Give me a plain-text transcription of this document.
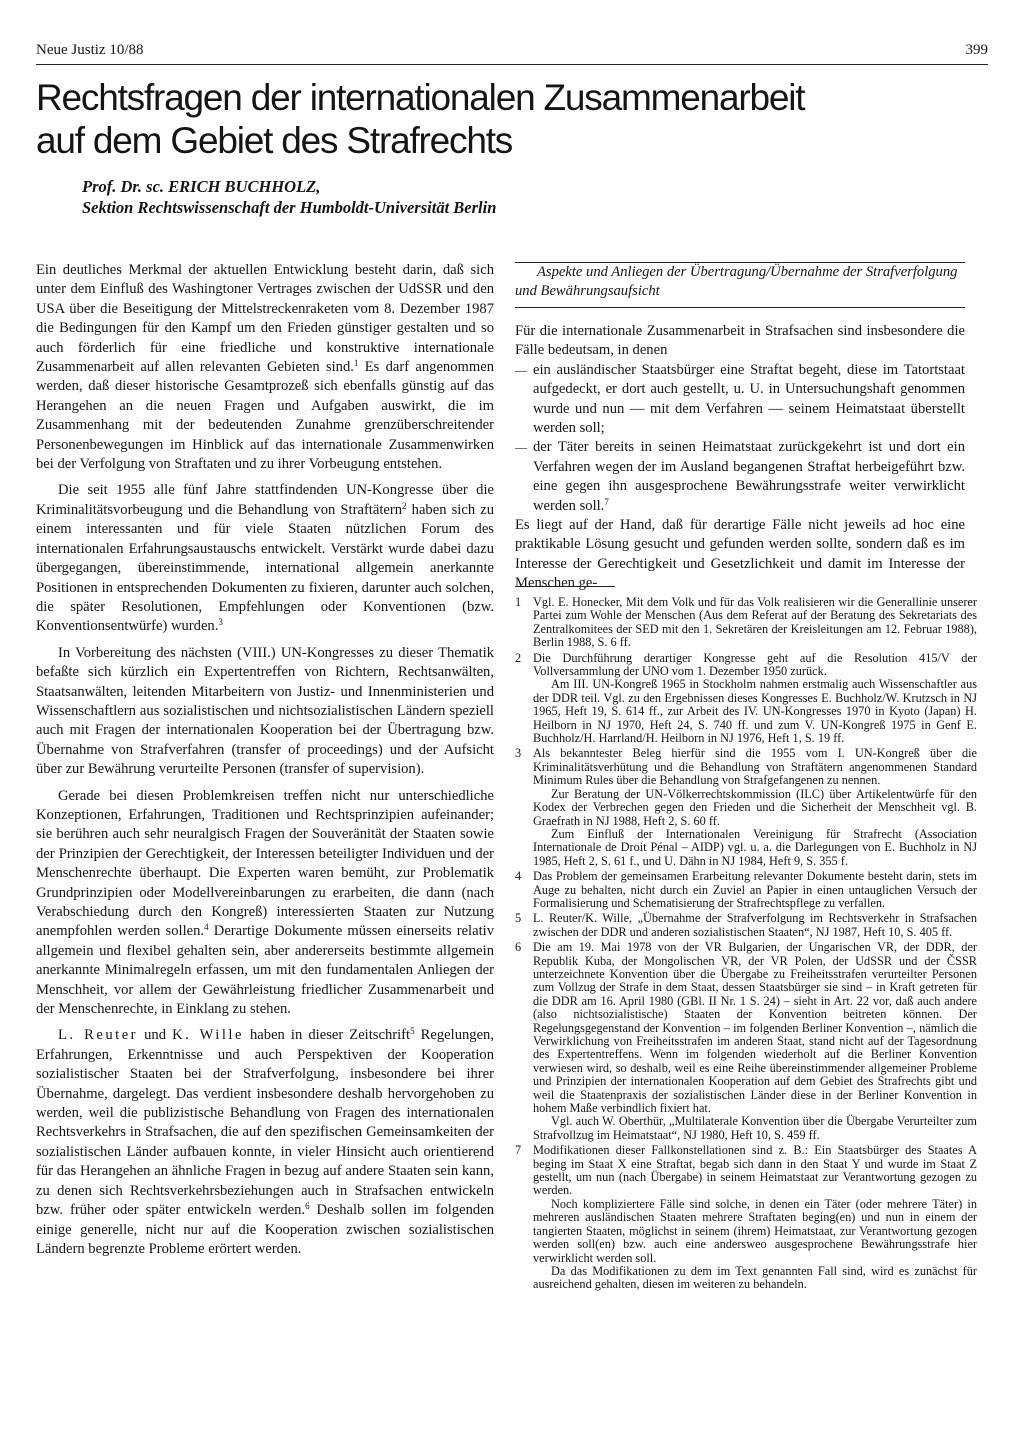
Neue Justiz 10/88	399
Rechtsfragen der internationalen Zusammenarbeit
auf dem Gebiet des Strafrechts
Prof. Dr. sc. ERICH BUCHHOLZ,
Sektion Rechtswissenschaft der Humboldt-Universität Berlin

Ein deutliches Merkmal der aktuellen Entwicklung besteht darin, daß sich unter dem Einfluß des Washingtoner Vertrages zwischen der UdSSR und den USA über die Beseitigung der Mittelstreckenraketen vom 8. Dezember 1987 die Bedingungen für den Kampf um den Frieden günstiger gestalten und so auch förderlich für eine friedliche und konstruktive internationale Zusammenarbeit auf allen relevanten Gebieten sind.$^1$ Es darf angenommen werden, daß dieser historische Gesamtprozeß sich ebenfalls günstig auf das Herangehen an die neuen Fragen und Aufgaben auswirkt, die im Zusammenhang mit der bedeutenden Zunahme grenzüberschreitender Personenbewegungen im Hinblick auf das internationale Zusammenwirken bei der Verfolgung von Straftaten und zu ihrer Vorbeugung entstehen.

Die seit 1955 alle fünf Jahre stattfindenden UN-Kongresse über die Kriminalitätsvorbeugung und die Behandlung von Straftätern$^2$ haben sich zu einem interessanten und für viele Staaten nützlichen Forum des internationalen Erfahrungsaustauschs entwickelt. Verstärkt wurde dabei dazu übergegangen, übereinstimmende, international allgemein anerkannte Positionen in entsprechenden Dokumenten zu fixieren, darunter auch solchen, die später Resolutionen, Empfehlungen oder Konventionen (bzw. Konventionsentwürfe) wurden.$^3$

In Vorbereitung des nächsten (VIII.) UN-Kongresses zu dieser Thematik befaßte sich kürzlich ein Expertentreffen von Richtern, Rechtsanwälten, Staatsanwälten, leitenden Mitarbeitern von Justiz- und Innenministerien und Wissenschaftlern aus sozialistischen und nichtsozialistischen Ländern speziell auch mit Fragen der internationalen Kooperation bei der Übertragung bzw. Übernahme von Strafverfahren (transfer of proceedings) und der Aufsicht über zur Bewährung verurteilte Personen (transfer of supervision).

Gerade bei diesen Problemkreisen treffen nicht nur unterschiedliche Konzeptionen, Erfahrungen, Traditionen und Rechtsprinzipien aufeinander; sie berühren auch sehr neuralgisch Fragen der Souveränität der Staaten sowie der Prinzipien der Gerechtigkeit, der Interessen beteiligter Individuen und der Menschenrechte überhaupt. Die Experten waren bemüht, zur Problematik Grundprinzipien oder Modellvereinbarungen zu erarbeiten, die dann (nach Verabschiedung durch den Kongreß) interessierten Staaten zur Nutzung anempfohlen werden sollen.$^4$ Derartige Dokumente müssen einerseits relativ allgemein und flexibel gehalten sein, aber andererseits bestimmte allgemein anerkannte Minimalregeln erfassen, um mit den fundamentalen Anliegen der Menschheit, vor allem der Gewährleistung friedlicher Zusammenarbeit und der Menschenrechte, in Einklang zu stehen.

L. Reuter und K. Wille haben in dieser Zeitschrift$^5$ Regelungen, Erfahrungen, Erkenntnisse und auch Perspektiven der Kooperation sozialistischer Staaten bei der Strafverfolgung, insbesondere bei ihrer Übernahme, dargelegt. Das verdient insbesondere deshalb hervorgehoben zu werden, weil die publizistische Behandlung von Fragen des internationalen Rechtsverkehrs in Strafsachen, die auf den spezifischen Gemeinsamkeiten der sozialistischen Länder aufbauen konnte, in vieler Hinsicht auch orientierend für das Herangehen an ähnliche Fragen in bezug auf andere Staaten sein kann, zu denen sich Rechtsverkehrsbeziehungen auch in Strafsachen entwickeln bzw. früher oder später entwickeln werden.$^6$ Deshalb sollen im folgenden einige generelle, nicht nur auf die Kooperation zwischen sozialistischen Ländern begrenzte Probleme erörtert werden.

Aspekte und Anliegen der Übertragung/Übernahme der Strafverfolgung und Bewährungsaufsicht

Für die internationale Zusammenarbeit in Strafsachen sind insbesondere die Fälle bedeutsam, in denen

— ein ausländischer Staatsbürger eine Straftat begeht, diese im Tatortstaat aufgedeckt, er dort auch gestellt, u. U. in Untersuchungshaft genommen wurde und nun — mit dem Verfahren — seinem Heimatstaat überstellt werden soll;
— der Täter bereits in seinen Heimatstaat zurückgekehrt ist und dort ein Verfahren wegen der im Ausland begangenen Straftat herbeigeführt bzw. eine gegen ihn ausgesprochene Bewährungsstrafe weiter verwirklicht werden soll.$^7$

Es liegt auf der Hand, daß für derartige Fälle nicht jeweils ad hoc eine praktikable Lösung gesucht und gefunden werden sollte, sondern daß es im Interesse der Gerechtigkeit und Gesetzlichkeit und damit im Interesse der Menschen ge-

1 Vgl. E. Honecker, Mit dem Volk und für das Volk realisieren wir die Generallinie unserer Partei zum Wohle der Menschen (Aus dem Referat auf der Beratung des Sekretariats des Zentralkomitees der SED mit den 1. Sekretären der Kreisleitungen am 12. Februar 1988), Berlin 1988, S. 6 ff.
2 Die Durchführung derartiger Kongresse geht auf die Resolution 415/V der Vollversammlung der UNO vom 1. Dezember 1950 zurück.
Am III. UN-Kongreß 1965 in Stockholm nahmen erstmalig auch Wissenschaftler aus der DDR teil. Vgl. zu den Ergebnissen dieses Kongresses E. Buchholz/W. Krutzsch in NJ 1965, Heft 19, S. 614 ff., zur Arbeit des IV. UN-Kongresses 1970 in Kyoto (Japan) H. Heilborn in NJ 1970, Heft 24, S. 740 ff. und zum V. UN-Kongreß 1975 in Genf E. Buchholz/H. Harrland/H. Heilborn in NJ 1976, Heft 1, S. 19 ff.
3 Als bekanntester Beleg hierfür sind die 1955 vom I. UN-Kongreß über die Kriminalitätsverhütung und die Behandlung von Straftätern angenommenen Standard Minimum Rules über die Behandlung von Strafgefangenen zu nennen.
Zur Beratung der UN-Völkerrechtskommission (ILC) über Artikelentwürfe für den Kodex der Verbrechen gegen den Frieden und die Sicherheit der Menschheit vgl. B. Graefrath in NJ 1988, Heft 2, S. 60 ff.
Zum Einfluß der Internationalen Vereinigung für Strafrecht (Association Internationale de Droit Pénal – AIDP) vgl. u. a. die Darlegungen von E. Buchholz in NJ 1985, Heft 2, S. 61 f., und U. Dähn in NJ 1984, Heft 9, S. 355 f.
4 Das Problem der gemeinsamen Erarbeitung relevanter Dokumente besteht darin, stets im Auge zu behalten, nicht durch ein Zuviel an Papier in einen untauglichen Versuch der Formalisierung und Schematisierung der Strafrechtspflege zu verfallen.
5 L. Reuter/K. Wille, „Übernahme der Strafverfolgung im Rechtsverkehr in Strafsachen zwischen der DDR und anderen sozialistischen Staaten“, NJ 1987, Heft 10, S. 405 ff.
6 Die am 19. Mai 1978 von der VR Bulgarien, der Ungarischen VR, der DDR, der Republik Kuba, der Mongolischen VR, der VR Polen, der UdSSR und der ČSSR unterzeichnete Konvention über die Übergabe zu Freiheitsstrafen verurteilter Personen zum Vollzug der Strafe in dem Staat, dessen Staatsbürger sie sind – in Kraft getreten für die DDR am 16. April 1980 (GBl. II Nr. 1 S. 24) – sieht in Art. 22 vor, daß auch andere (also nichtsozialistische) Staaten der Konvention beitreten können. Der Regelungsgegenstand der Konvention – im folgenden Berliner Konvention –, nämlich die Verwirklichung von Freiheitsstrafen im anderen Staat, stand nicht auf der Tagesordnung des Expertentreffens. Wenn im folgenden wiederholt auf die Berliner Konvention verwiesen wird, so deshalb, weil es eine Reihe übereinstimmender allgemeiner Probleme und Prinzipien der internationalen Kooperation auf dem Gebiet des Strafrechts gibt und weil die Staatenpraxis der sozialistischen Länder diese in der Berliner Konvention in hohem Maße verbindlich fixiert hat.
Vgl. auch W. Oberthür, „Multilaterale Konvention über die Übergabe Verurteilter zum Strafvollzug im Heimatstaat“, NJ 1980, Heft 10, S. 459 ff.
7 Modifikationen dieser Fallkonstellationen sind z. B.: Ein Staatsbürger des Staates A beging im Staat X eine Straftat, begab sich dann in den Staat Y und wurde im Staat Z gestellt, um nun (nach Übergabe) in seinem Heimatstaat zur Verantwortung gezogen zu werden.
Noch kompliziertere Fälle sind solche, in denen ein Täter (oder mehrere Täter) in mehreren ausländischen Staaten mehrere Straftaten beging(en) und nun in einem der tangierten Staaten, möglichst in seinem (ihrem) Heimatstaat, zur Verantwortung gezogen werden soll(en) bzw. auch eine andersweo ausgesprochene Bewährungsstrafe hier verwirklicht werden soll.
Da das Modifikationen zu dem im Text genannten Fall sind, wird es zunächst für ausreichend gehalten, diesen im weiteren zu behandeln.
